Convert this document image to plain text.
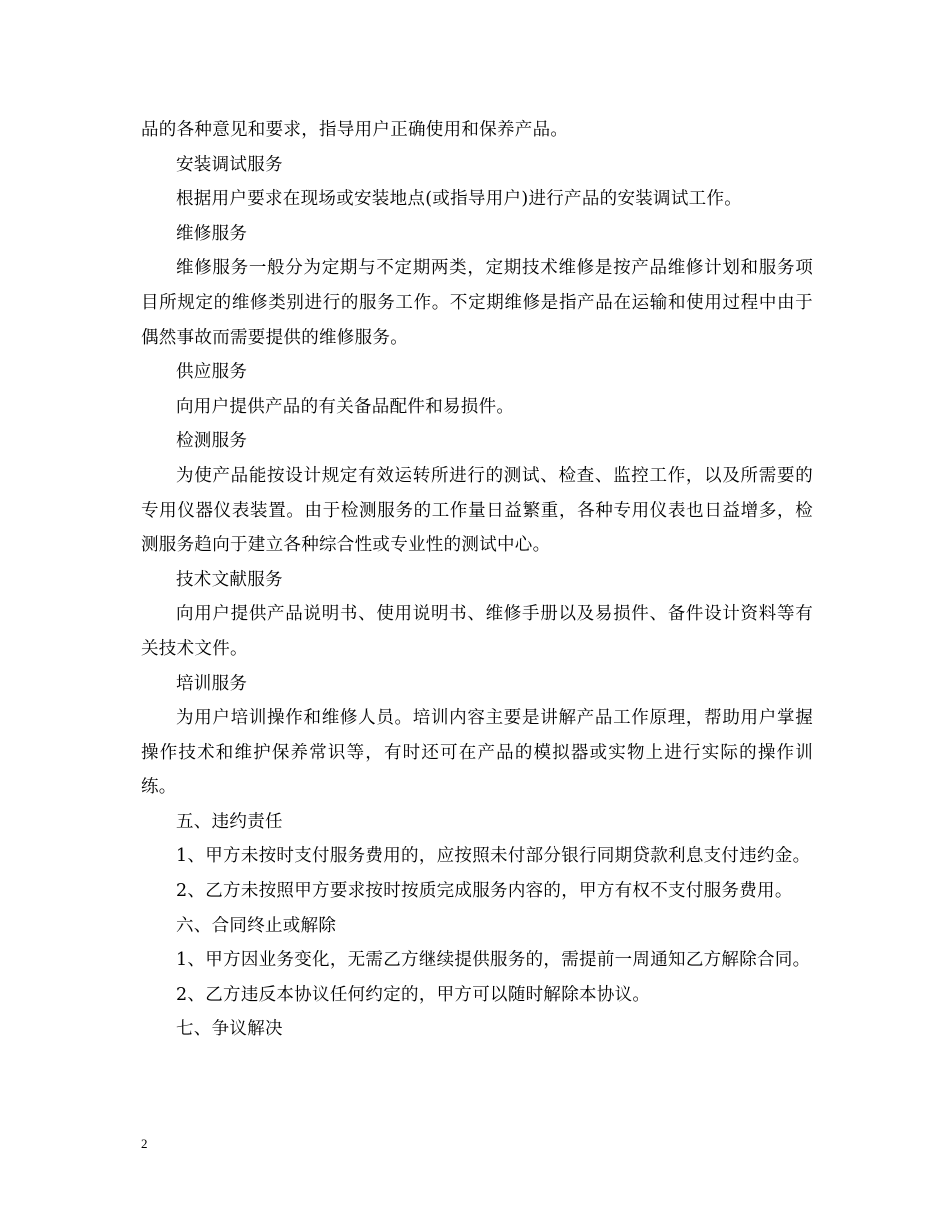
品的各种意见和要求，指导用户正确使用和保养产品。

安装调试服务

根据用户要求在现场或安装地点(或指导用户)进行产品的安装调试工作。

维修服务

维修服务一般分为定期与不定期两类，定期技术维修是按产品维修计划和服务项目所规定的维修类别进行的服务工作。不定期维修是指产品在运输和使用过程中由于偶然事故而需要提供的维修服务。

供应服务

向用户提供产品的有关备品配件和易损件。

检测服务

为使产品能按设计规定有效运转所进行的测试、检查、监控工作，以及所需要的专用仪器仪表装置。由于检测服务的工作量日益繁重，各种专用仪表也日益增多，检测服务趋向于建立各种综合性或专业性的测试中心。

技术文献服务

向用户提供产品说明书、使用说明书、维修手册以及易损件、备件设计资料等有关技术文件。

培训服务

为用户培训操作和维修人员。培训内容主要是讲解产品工作原理，帮助用户掌握操作技术和维护保养常识等，有时还可在产品的模拟器或实物上进行实际的操作训练。

五、违约责任

1、甲方未按时支付服务费用的，应按照未付部分银行同期贷款利息支付违约金。

2、乙方未按照甲方要求按时按质完成服务内容的，甲方有权不支付服务费用。

六、合同终止或解除

1、甲方因业务变化，无需乙方继续提供服务的，需提前一周通知乙方解除合同。

2、乙方违反本协议任何约定的，甲方可以随时解除本协议。

七、争议解决

2
